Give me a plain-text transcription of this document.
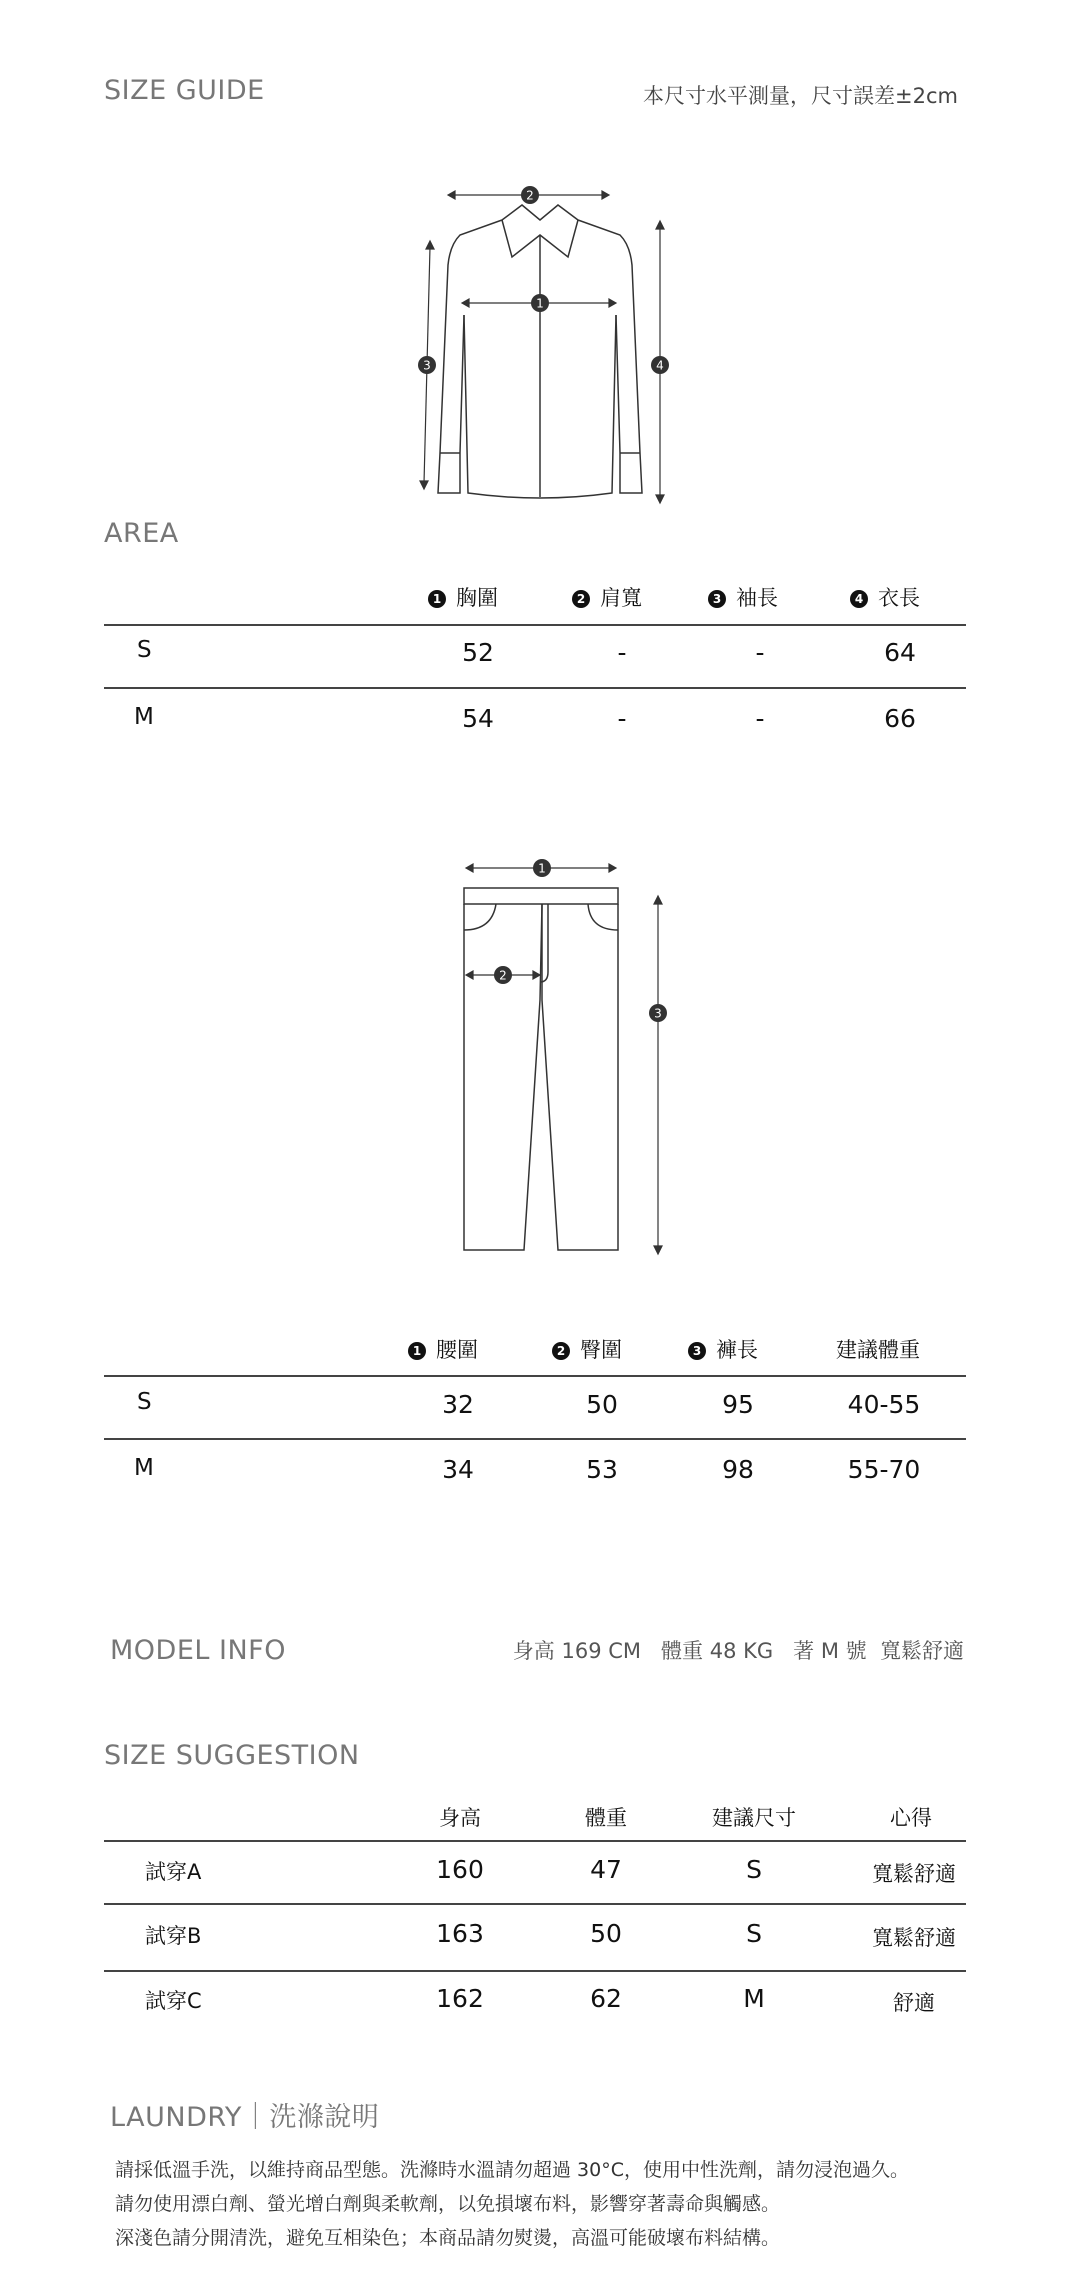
SIZE GUIDE	本尺寸水平測量，尺寸誤差±2cm
2
1
3	4
AREA
1 胸圍	2 肩寬	3 袖長	4 衣長
S	52	-	-	64
M	54	-	-	66
1
2
3
1 腰圍	2 臀圍	3 褲長	建議體重
S	32	50	95	40-55
M	34	53	98	55-70
MODEL INFO	身高 169 CM   體重 48 KG   著 M 號  寬鬆舒適
SIZE SUGGESTION
身高	體重	建議尺寸	心得
試穿A	160	47	S	寬鬆舒適
試穿B	163	50	S	寬鬆舒適
試穿C	162	62	M	舒適
LAUNDRY｜洗滌說明
請採低溫手洗，以維持商品型態。洗滌時水溫請勿超過 30°C，使用中性洗劑，請勿浸泡過久。
請勿使用漂白劑、螢光增白劑與柔軟劑，以免損壞布料，影響穿著壽命與觸感。
深淺色請分開清洗，避免互相染色；本商品請勿熨燙，高溫可能破壞布料結構。
